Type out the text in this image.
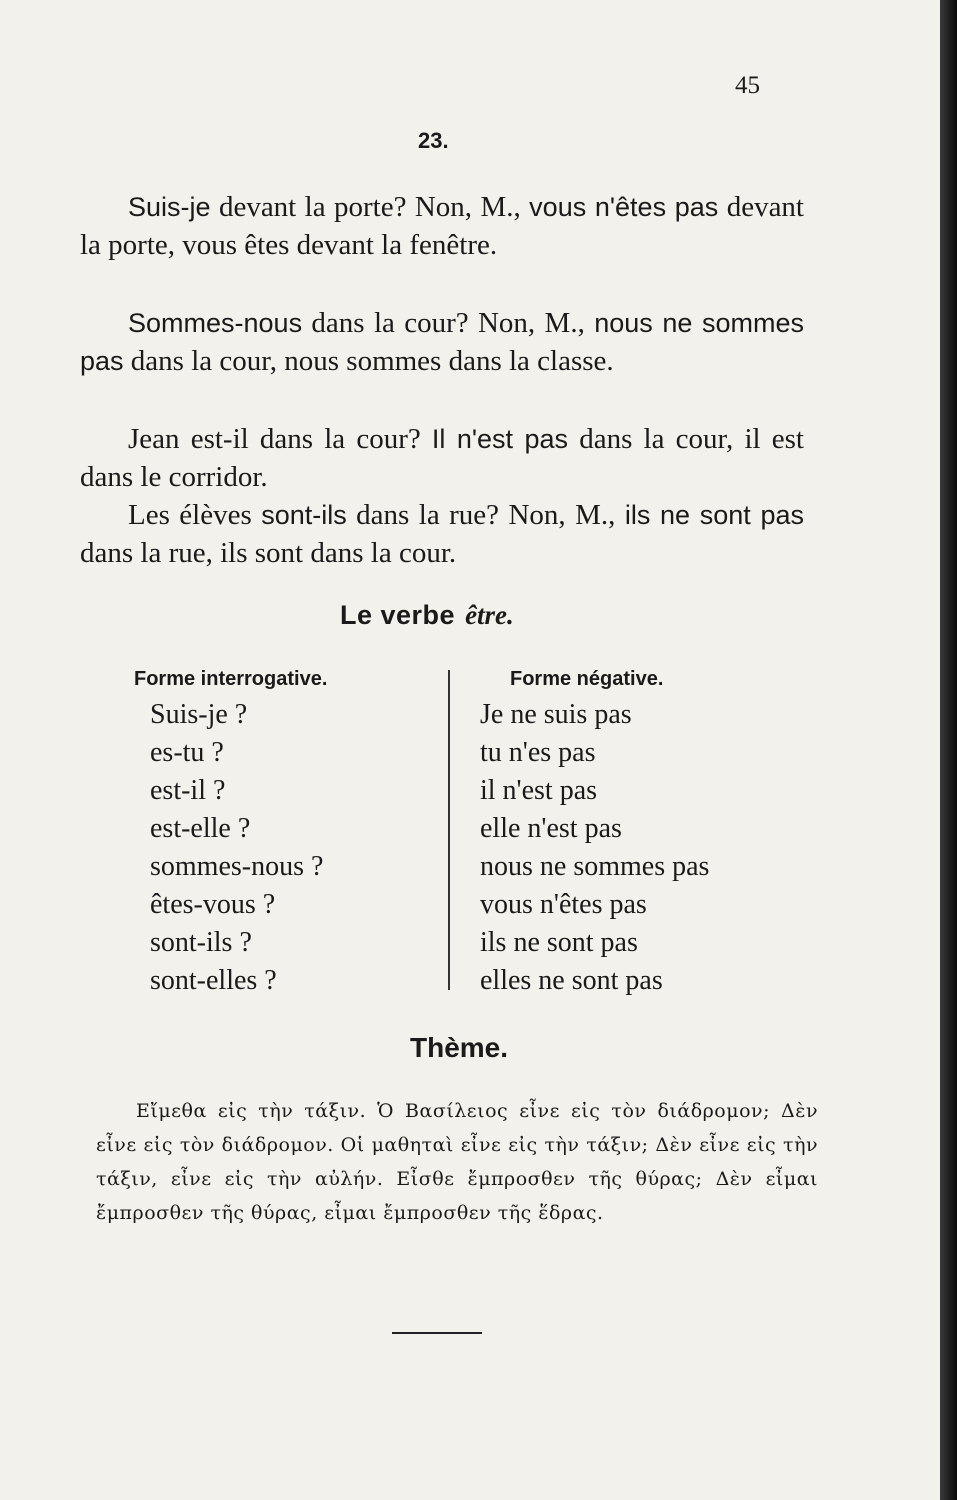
45
23.
Suis-je devant la porte? Non, M., vous n'êtes pas devant la porte, vous êtes devant la fenêtre.
Sommes-nous dans la cour? Non, M., nous ne sommes pas dans la cour, nous sommes dans la classe.
Jean est-il dans la cour? Il n'est pas dans la cour, il est dans le corridor.
Les élèves sont-ils dans la rue? Non, M., ils ne sont pas dans la rue, ils sont dans la cour.
Le verbe être.
Forme interrogative.	Forme négative.
Suis-je ?
es-tu ?
est-il ?
est-elle ?
sommes-nous ?
êtes-vous ?
sont-ils ?
sont-elles ?
Je ne suis pas
tu n'es pas
il n'est pas
elle n'est pas
nous ne sommes pas
vous n'êtes pas
ils ne sont pas
elles ne sont pas
Thème.
Εἴμεθα εἰς τὴν τάξιν. Ὁ Βασίλειος εἶνε εἰς τὸν διάδρομον; Δὲν εἶνε εἰς τὸν διάδρομον. Οἱ μαθηταὶ εἶνε εἰς τὴν τάξιν; Δὲν εἶνε εἰς τὴν τάξιν, εἶνε εἰς τὴν αὐλήν. Εἶσθε ἔμπροσθεν τῆς θύρας; Δὲν εἶμαι ἔμπροσθεν τῆς θύρας, εἶμαι ἔμπροσθεν τῆς ἕδρας.
